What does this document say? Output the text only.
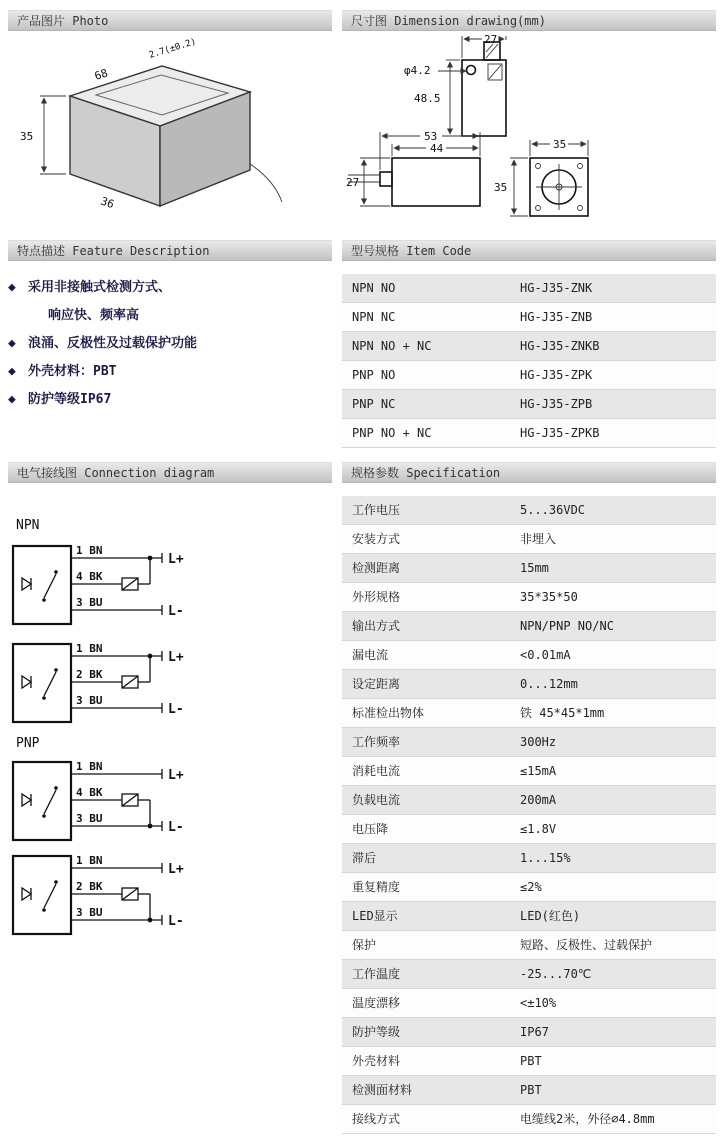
产品图片 Photo	尺寸图 Dimension drawing(mm)
35
68
2.7(±0.2)
36
27
φ4.2
48.5
53
44
27
35
35
特点描述 Feature Description	型号规格 Item Code
◆ 采用非接触式检测方式、
响应快、频率高
◆ 浪涌、反极性及过载保护功能
◆ 外壳材料：PBT
◆ 防护等级IP67
NPN NO	HG-J35-ZNK
NPN NC	HG-J35-ZNB
NPN NO + NC	HG-J35-ZNKB
PNP NO	HG-J35-ZPK
PNP NC	HG-J35-ZPB
PNP NO + NC	HG-J35-ZPKB
电气接线图 Connection diagram	规格参数 Specification
NPN
1 BN
4 BK
3 BU
L+
L-
1 BN
2 BK
3 BU
L+
L-
PNP
1 BN
4 BK
3 BU
L+
L-
1 BN
2 BK
3 BU
L+
L-
工作电压	5...36VDC
安装方式	非埋入
检测距离	15mm
外形规格	35*35*50
输出方式	NPN/PNP NO/NC
漏电流	<0.01mA
设定距离	0...12mm
标准检出物体	铁 45*45*1mm
工作频率	300Hz
消耗电流	≤15mA
负载电流	200mA
电压降	≤1.8V
滞后	1...15%
重复精度	≤2%
LED显示	LED(红色)
保护	短路、反极性、过载保护
工作温度	-25...70℃
温度漂移	<±10%
防护等级	IP67
外壳材料	PBT
检测面材料	PBT
接线方式	电缆线2米，外径∅4.8mm
